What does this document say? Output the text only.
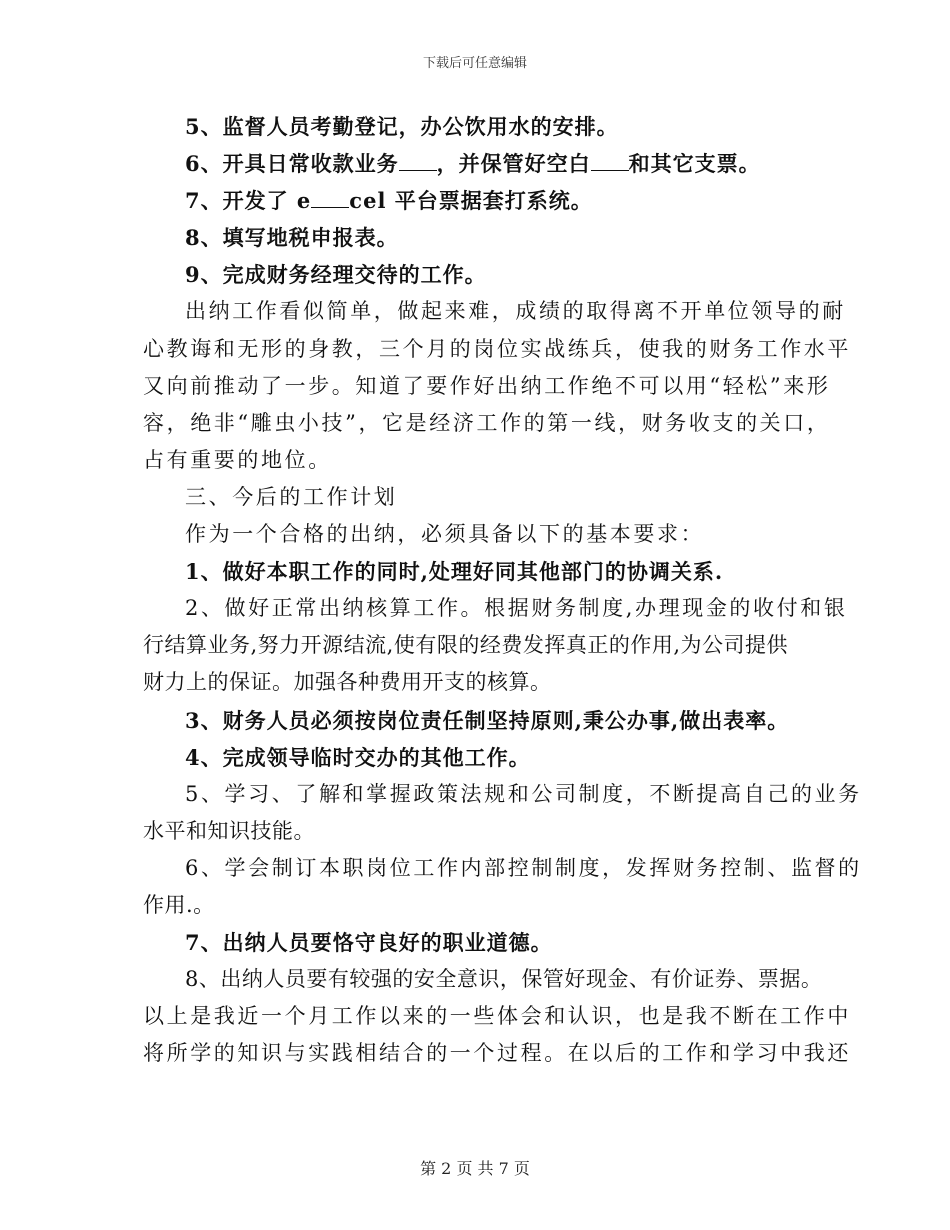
下载后可任意编辑
5、监督人员考勤登记，办公饮用水的安排。
6、开具日常收款业务 ，并保管好空白 和其它支票。
7、开发了 e cel 平台票据套打系统。
8、填写地税申报表。
9、完成财务经理交待的工作。
出纳工作看似简单，做起来难，成绩的取得离不开单位领导的耐
心教诲和无形的身教，三个月的岗位实战练兵，使我的财务工作水平
又向前推动了一步。知道了要作好出纳工作绝不可以用“轻松”来形
容，绝非“雕虫小技”，它是经济工作的第一线，财务收支的关口，
占有重要的地位。
三、今后的工作计划
作为一个合格的出纳，必须具备以下的基本要求：
1、做好本职工作的同时,处理好同其他部门的协调关系.
2、做好正常出纳核算工作。根据财务制度,办理现金的收付和银
行结算业务,努力开源结流,使有限的经费发挥真正的作用,为公司提供
财力上的保证。加强各种费用开支的核算。
3、财务人员必须按岗位责任制坚持原则,秉公办事,做出表率。
4、完成领导临时交办的其他工作。
5、学习、了解和掌握政策法规和公司制度，不断提高自己的业务
水平和知识技能。
6、学会制订本职岗位工作内部控制制度，发挥财务控制、监督的
作用.。
7、出纳人员要恪守良好的职业道德。
8、出纳人员要有较强的安全意识，保管好现金、有价证券、票据。
以上是我近一个月工作以来的一些体会和认识，也是我不断在工作中
将所学的知识与实践相结合的一个过程。在以后的工作和学习中我还
第 2 页 共 7 页
